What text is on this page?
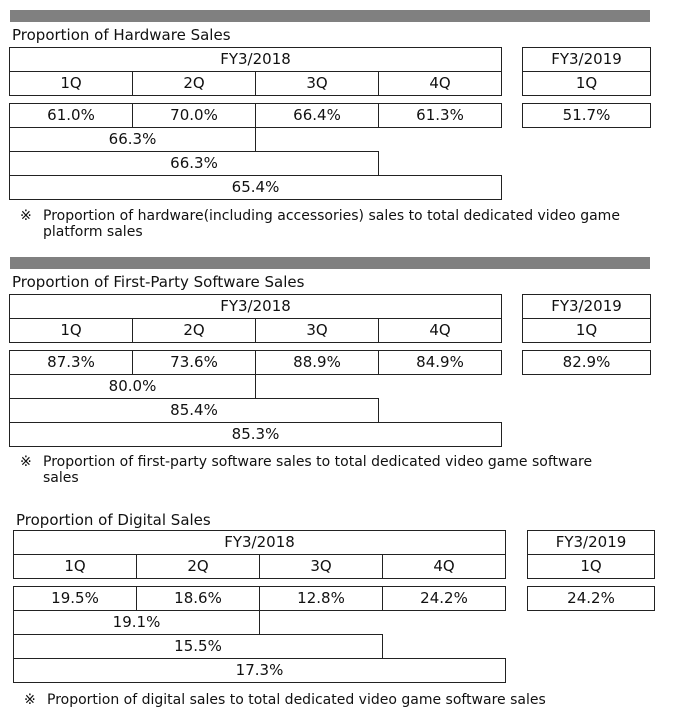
Proportion of Hardware Sales
FY3/2018	FY3/2019
1Q	2Q	3Q	4Q	1Q
61.0%	70.0%	66.4%	61.3%	51.7%
66.3%
66.3%
65.4%
※ Proportion of hardware(including accessories) sales to total dedicated video game platform sales
Proportion of First-Party Software Sales
FY3/2018	FY3/2019
1Q	2Q	3Q	4Q	1Q
87.3%	73.6%	88.9%	84.9%	82.9%
80.0%
85.4%
85.3%
※ Proportion of first-party software sales to total dedicated video game software sales
Proportion of Digital Sales
FY3/2018	FY3/2019
1Q	2Q	3Q	4Q	1Q
19.5%	18.6%	12.8%	24.2%	24.2%
19.1%
15.5%
17.3%
※ Proportion of digital sales to total dedicated video game software sales
